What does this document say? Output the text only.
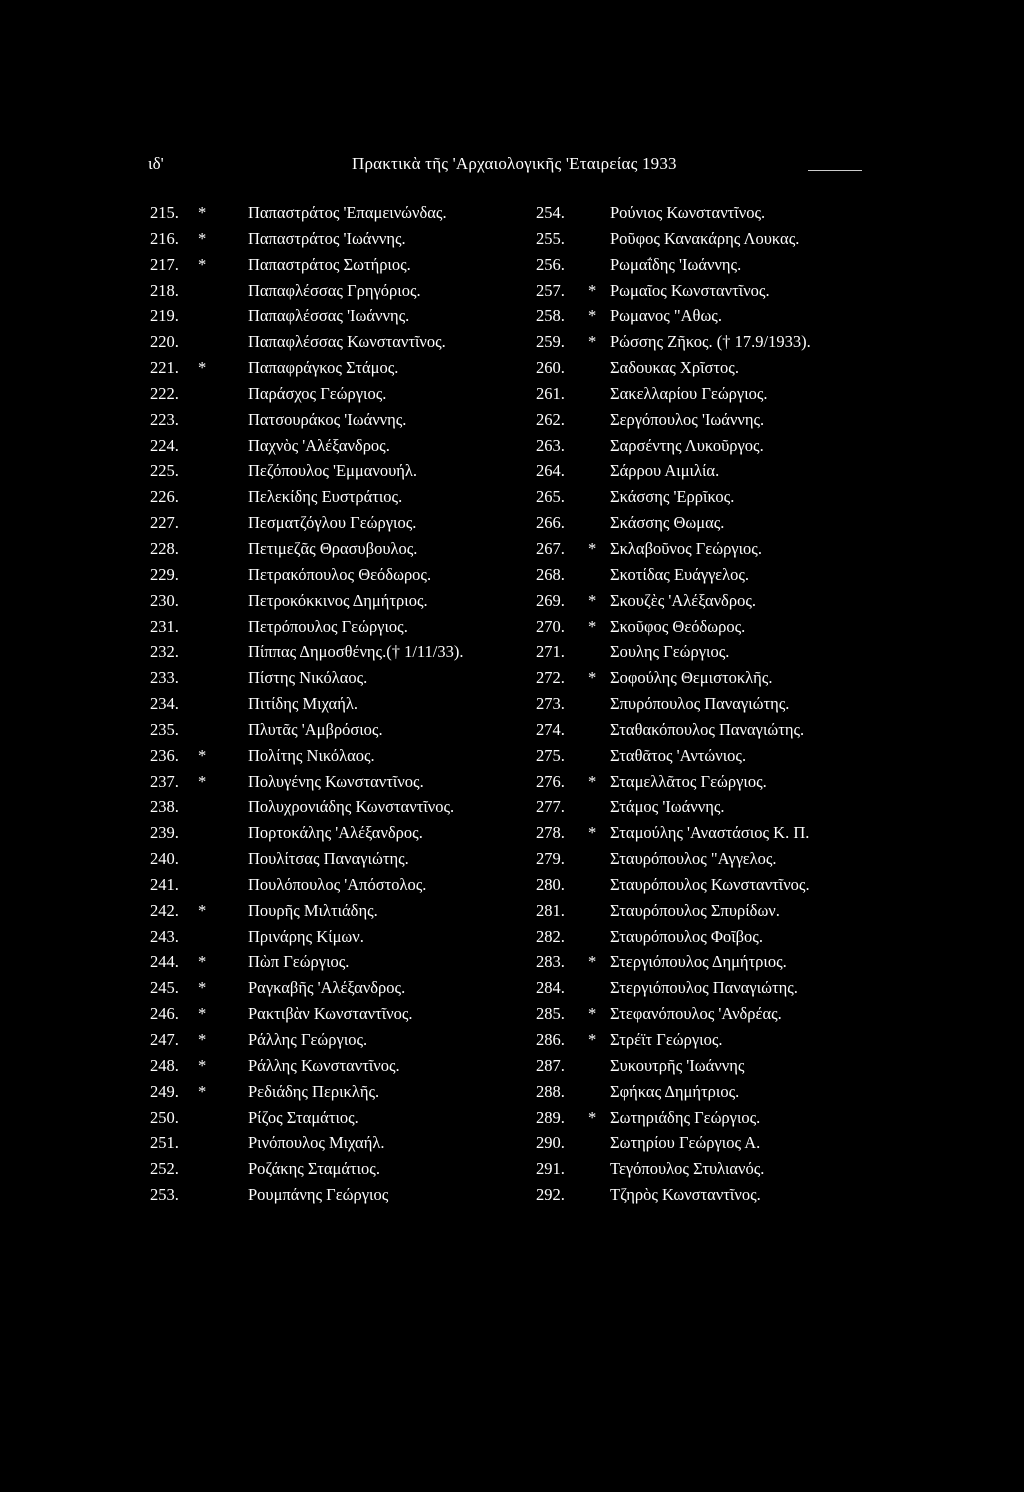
ιδ'	Πρακτικὰ τῆς 'Αρχαιολογικῆς 'Εταιρείας 1933
215. *	Παπαστράτος 'Επαμεινώνδας.
216. *	Παπαστράτος 'Ιωάννης.
217. *	Παπαστράτος Σωτήριος.
218.	Παπαφλέσσας Γρηγόριος.
219.	Παπαφλέσσας 'Ιωάννης.
220.	Παπαφλέσσας Κωνσταντῖνος.
221. *	Παπαφράγκος Στάμος.
222.	Παράσχος Γεώργιος.
223.	Πατσουράκος 'Ιωάννης.
224.	Παχνὸς 'Αλέξανδρος.
225.	Πεζόπουλος 'Εμμανουήλ.
226.	Πελεκίδης Ευστράτιος.
227.	Πεσματζόγλου Γεώργιος.
228.	Πετιμεζᾶς Θρασυβουλος.
229.	Πετρακόπουλος Θεόδωρος.
230.	Πετροκόκκινος Δημήτριος.
231.	Πετρόπουλος Γεώργιος.
232.	Πίππας Δημοσθένης.(† 1/11/33).
233.	Πίστης Νικόλαος.
234.	Πιτίδης Μιχαήλ.
235.	Πλυτᾶς 'Αμβρόσιος.
236. *	Πολίτης Νικόλαος.
237. *	Πολυγένης Κωνσταντῖνος.
238.	Πολυχρονιάδης Κωνσταντῖνος.
239.	Πορτοκάλης 'Αλέξανδρος.
240.	Πουλίτσας Παναγιώτης.
241.	Πουλόπουλος 'Απόστολος.
242. *	Πουρῆς Μιλτιάδης.
243.	Πρινάρης Κίμων.
244. *	Πὼπ Γεώργιος.
245. *	Ραγκαβῆς 'Αλέξανδρος.
246. *	Ρακτιβὰν Κωνσταντῖνος.
247. *	Ράλλης Γεώργιος.
248. *	Ράλλης Κωνσταντῖνος.
249. *	Ρεδιάδης Περικλῆς.
250.	Ρίζος Σταμάτιος.
251.	Ρινόπουλος Μιχαήλ.
252.	Ροζάκης Σταμάτιος.
253.	Ρουμπάνης Γεώργιος
254.	Ρούνιος Κωνσταντῖνος.
255.	Ροῦφος Κανακάρης Λουκας.
256.	Ρωμαΐδης 'Ιωάννης.
257. * Ρωμαῖος Κωνσταντῖνος.
258. * Ρωμανος "Αθως.
259. * Ρώσσης Ζῆκος. († 17.9/1933).
260.	Σαδουκας Χρῖστος.
261.	Σακελλαρίου Γεώργιος.
262.	Σεργόπουλος 'Ιωάννης.
263.	Σαρσέντης Λυκοῦργος.
264.	Σάρρου Αιμιλία.
265.	Σκάσσης 'Ερρῖκος.
266.	Σκάσσης Θωμας.
267. * Σκλαβοῦνος Γεώργιος.
268.	Σκοτίδας Ευάγγελος.
269. * Σκουζὲς 'Αλέξανδρος.
270. * Σκοῦφος Θεόδωρος.
271.	Σουλης Γεώργιος.
272. * Σοφούλης Θεμιστοκλῆς.
273.	Σπυρόπουλος Παναγιώτης.
274.	Σταθακόπουλος Παναγιώτης.
275.	Σταθᾶτος 'Αντώνιος.
276. * Σταμελλᾶτος Γεώργιος.
277.	Στάμος 'Ιωάννης.
278. * Σταμούλης 'Αναστάσιος Κ. Π.
279.	Σταυρόπουλος "Αγγελος.
280.	Σταυρόπουλος Κωνσταντῖνος.
281.	Σταυρόπουλος Σπυρίδων.
282.	Σταυρόπουλος Φοῖβος.
283. * Στεργιόπουλος Δημήτριος.
284.	Στεργιόπουλος Παναγιώτης.
285. * Στεφανόπουλος 'Ανδρέας.
286. * Στρέϊτ Γεώργιος.
287.	Συκουτρῆς 'Ιωάννης
288.	Σφήκας Δημήτριος.
289. * Σωτηριάδης Γεώργιος.
290.	Σωτηρίου Γεώργιος Α.
291.	Τεγόπουλος Στυλιανός.
292.	Τζηρὸς Κωνσταντῖνος.
